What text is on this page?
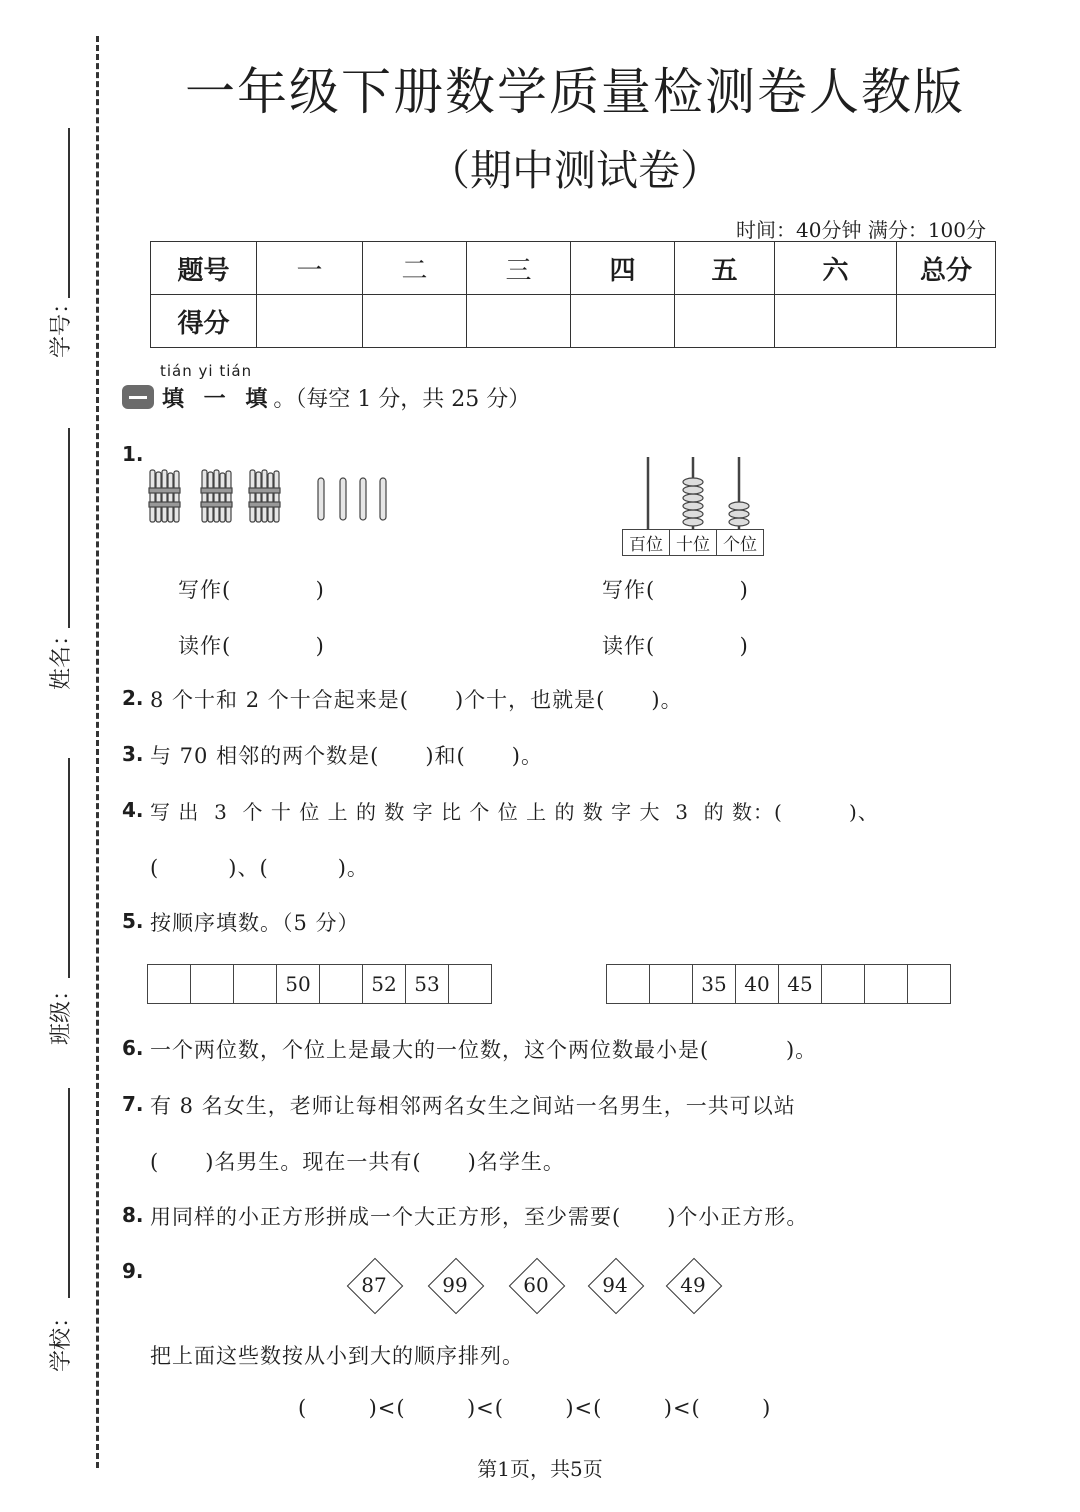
学号：
姓名：
班级：
学校：
一年级下册数学质量检测卷人教版
（期中测试卷）
时间：40分钟 满分：100分
题号	一	二	三	四	五	六	总分
得分							
tián yi tián
填 一 填。（每空 1 分，共 25 分）
1.
百位 十位 个位
写作(           )	写作(           )
读作(           )	读作(           )
2. 8 个十和 2 个十合起来是(      )个十，也就是(      )。
3. 与 70 相邻的两个数是(      )和(      )。
4. 写 出  3  个 十 位 上 的 数 字 比 个 位 上 的 数 字 大  3  的 数：(         )、
(         )、(         )。
5. 按顺序填数。（5 分）
50	52 53	35 40 45
6. 一个两位数，个位上是最大的一位数，这个两位数最小是(          )。
7. 有 8 名女生，老师让每相邻两名女生之间站一名男生，一共可以站
(      )名男生。现在一共有(      )名学生。
8. 用同样的小正方形拼成一个大正方形，至少需要(      )个小正方形。
9.
87	99	60	94	49
把上面这些数按从小到大的顺序排列。
(        )<(        )<(        )<(        )<(        )
第1页，共5页
